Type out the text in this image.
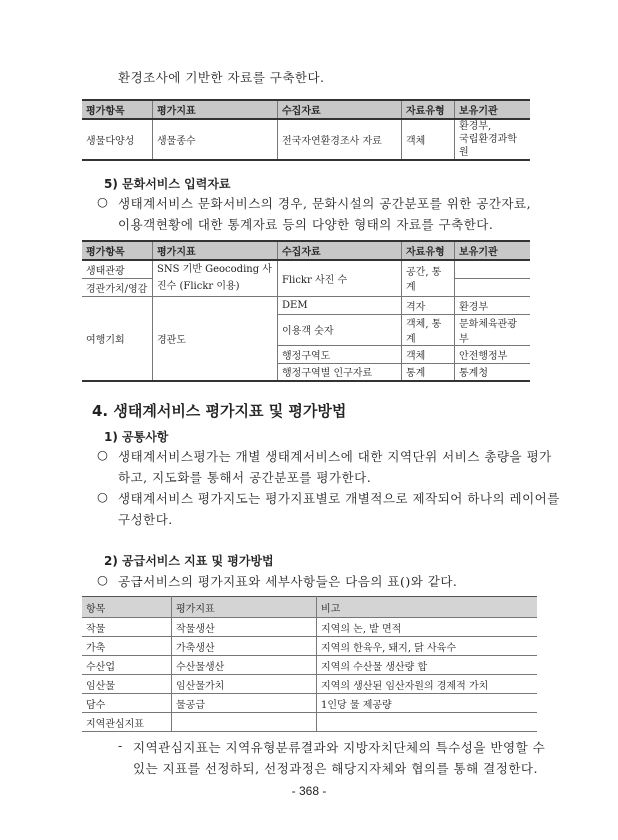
환경조사에 기반한 자료를 구축한다.
평가항목	평가지표	수집자료	자료유형	보유기관
생물다양성	생물종수	전국자연환경조사 자료	객체	환경부,
국립환경과학원
5) 문화서비스 입력자료
○ 생태계서비스 문화서비스의 경우, 문화시설의 공간분포를 위한 공간자료,
이용객현황에 대한 통계자료 등의 다양한 형태의 자료를 구축한다.
평가항목	평가지표	수집자료	자료유형	보유기관
생태관광	SNS 기반 Geocoding 사진수 (Flickr 이용)	Flickr 사진 수	공간, 통계	
경관가치/영감				
여행기회	경관도	DEM	격자	환경부
		이용객 숫자	객체, 통계	문화체육관광부
		행정구역도	객체	안전행정부
		행정구역별 인구자료	통계	통계청
4. 생태계서비스 평가지표 및 평가방법
1) 공통사항
○ 생태계서비스평가는 개별 생태계서비스에 대한 지역단위 서비스 총량을 평가
하고, 지도화를 통해서 공간분포를 평가한다.
○ 생태계서비스 평가지도는 평가지표별로 개별적으로 제작되어 하나의 레이어를
구성한다.
2) 공급서비스 지표 및 평가방법
○ 공급서비스의 평가지표와 세부사항들은 다음의 표()와 같다.
항목	평가지표	비고
작물	작물생산	지역의 논, 밭 면적
가축	가축생산	지역의 한육우, 돼지, 닭 사육수
수산업	수산물생산	지역의 수산물 생산량 합
임산물	임산물가치	지역의 생산된 임산자원의 경제적 가치
담수	물공급	1인당 물 제공량
지역관심지표		
- 지역관심지표는 지역유형분류결과와 지방자치단체의 특수성을 반영할 수
있는 지표를 선정하되, 선정과정은 해당지자체와 협의를 통해 결정한다.
- 368 -
